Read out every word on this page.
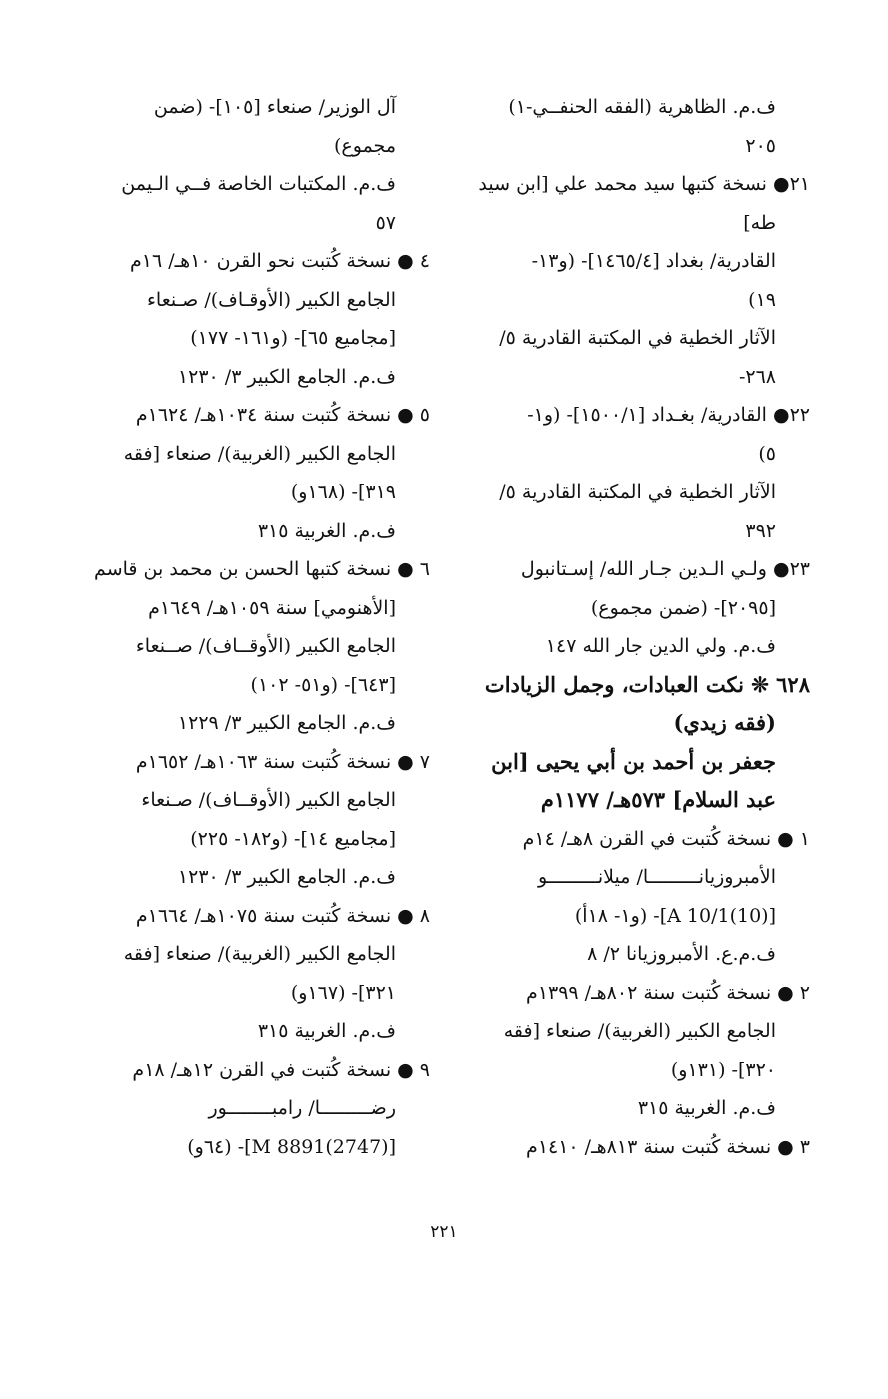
ف.م. الظاهرية (الفقه الحنفــي-١)
٢٠٥
٢١● نسخة كتبها سيد محمد علي [ابن سيد
طه]
القادرية/ بغداد [١٤٦٥/٤]- (و١٣-
١٩)
الآثار الخطية في المكتبة القادرية ٥/
٢٦٨-
٢٢● القادرية/ بغـداد [١٥٠٠/١]- (و١-
٥)
الآثار الخطية في المكتبة القادرية ٥/
٣٩٢
٢٣● ولـي الـدين جـار الله/ إسـتانبول
[٢٠٩٥]- (ضمن مجموع)
ف.م. ولي الدين جار الله ١٤٧
٦٢٨ ❊ نكت العبادات، وجمل الزيادات
(فقه زيدي)
جعفر بن أحمد بن أبي يحيى [ابن
عبد السلام] ٥٧٣هـ/ ١١٧٧م
١ ● نسخة كُتبت في القرن ٨هـ/ ١٤م
الأمبروزيانـــــــــا/ ميلانـــــــــو
[A 10/1(10)]- (و١- ١٨أ)
ف.م.ع. الأمبروزيانا ٢/ ٨
٢ ● نسخة كُتبت سنة ٨٠٢هـ/ ١٣٩٩م
الجامع الكبير (الغربية)/ صنعاء [فقه
٣٢٠]- (١٣١و)
ف.م. الغربية ٣١٥
٣ ● نسخة كُتبت سنة ٨١٣هـ/ ١٤١٠م
آل الوزير/ صنعاء [١٠٥]- (ضمن
مجموع)
ف.م. المكتبات الخاصة فــي الـيمن
٥٧
٤ ● نسخة كُتبت نحو القرن ١٠هـ/ ١٦م
الجامع الكبير (الأوقـاف)/ صـنعاء
[مجاميع ٦٥]- (و١٦١- ١٧٧)
ف.م. الجامع الكبير ٣/ ١٢٣٠
٥ ● نسخة كُتبت سنة ١٠٣٤هـ/ ١٦٢٤م
الجامع الكبير (الغربية)/ صنعاء [فقه
٣١٩]- (١٦٨و)
ف.م. الغربية ٣١٥
٦ ● نسخة كتبها الحسن بن محمد بن قاسم
[الأهنومي] سنة ١٠٥٩هـ/ ١٦٤٩م
الجامع الكبير (الأوقــاف)/ صــنعاء
[٦٤٣]- (و٥١- ١٠٢)
ف.م. الجامع الكبير ٣/ ١٢٢٩
٧ ● نسخة كُتبت سنة ١٠٦٣هـ/ ١٦٥٢م
الجامع الكبير (الأوقــاف)/ صـنعاء
[مجاميع ١٤]- (و١٨٢- ٢٢٥)
ف.م. الجامع الكبير ٣/ ١٢٣٠
٨ ● نسخة كُتبت سنة ١٠٧٥هـ/ ١٦٦٤م
الجامع الكبير (الغربية)/ صنعاء [فقه
٣٢١]- (١٦٧و)
ف.م. الغربية ٣١٥
٩ ● نسخة كُتبت في القرن ١٢هـ/ ١٨م
رضـــــــــا/ رامبــــــــور
[M 8891(2747)]- (٦٤و)
٢٢١
